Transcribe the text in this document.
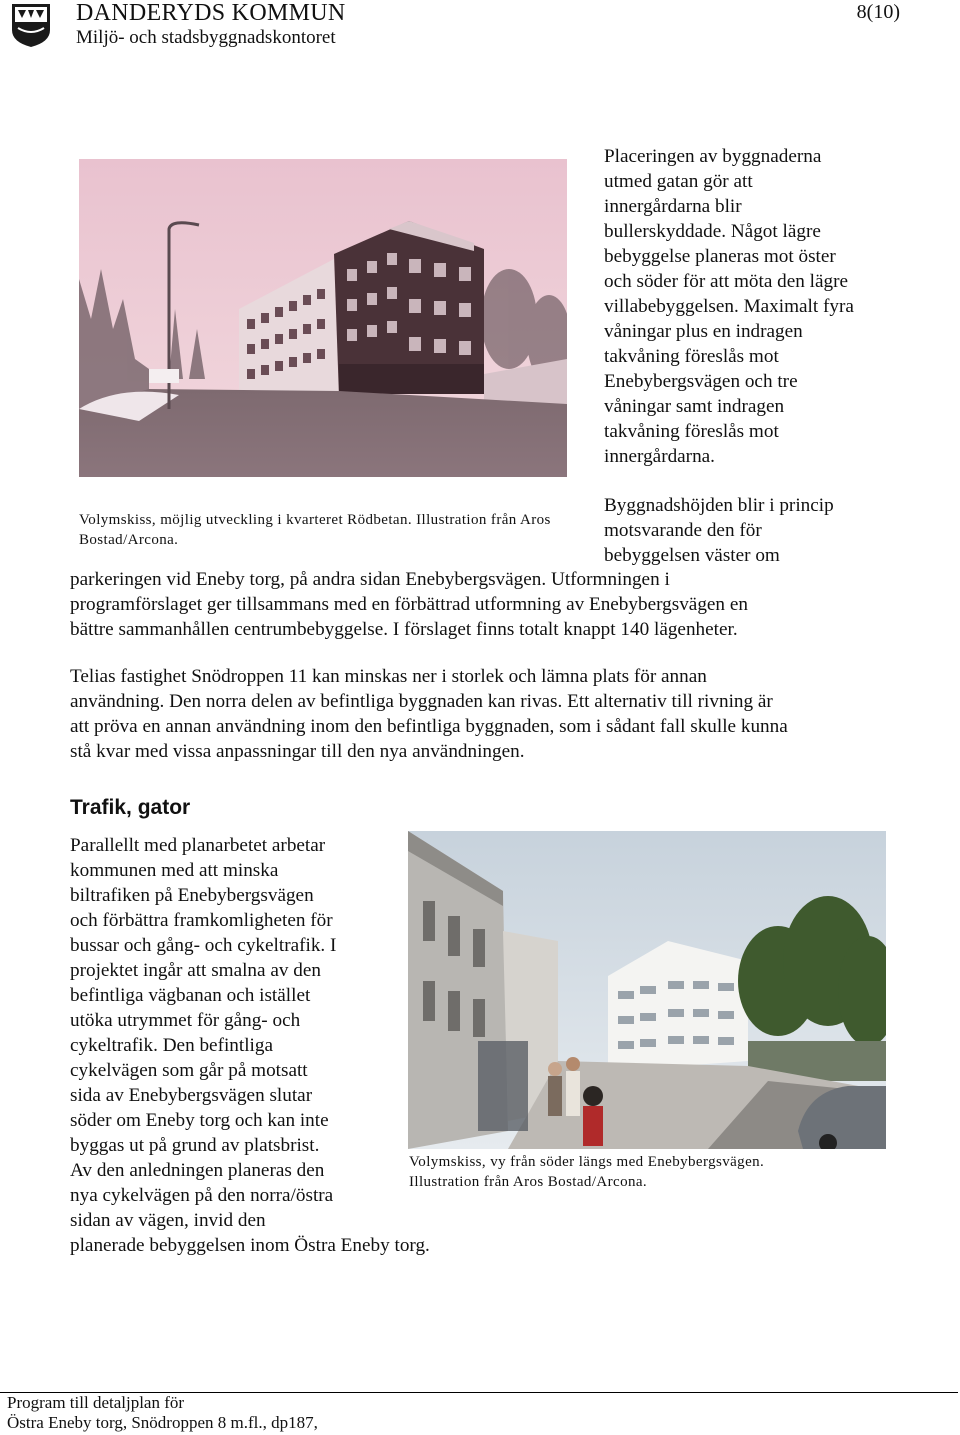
DANDERYDS KOMMUN
Miljö- och stadsbyggnadskontoret
8(10)
Volymskiss, möjlig utveckling i kvarteret Rödbetan. Illustration från Aros Bostad/Arcona.
Placeringen av byggnaderna
utmed gatan gör att
innergårdarna blir
bullerskyddade. Något lägre
bebyggelse planeras mot öster
och söder för att möta den lägre
villabebyggelsen. Maximalt fyra
våningar plus en indragen
takvåning föreslås mot
Enebybergsvägen och tre
våningar samt indragen
takvåning föreslås mot
innergårdarna.
Byggnadshöjden blir i princip
motsvarande den för
bebyggelsen väster om
parkeringen vid Eneby torg, på andra sidan Enebybergsvägen. Utformningen i
programförslaget ger tillsammans med en förbättrad utformning av Enebybergsvägen en
bättre sammanhållen centrumbebyggelse. I förslaget finns totalt knappt 140 lägenheter.
Telias fastighet Snödroppen 11 kan minskas ner i storlek och lämna plats för annan
användning. Den norra delen av befintliga byggnaden kan rivas. Ett alternativ till rivning är
att pröva en annan användning inom den befintliga byggnaden, som i sådant fall skulle kunna
stå kvar med vissa anpassningar till den nya användningen.
Trafik, gator
Parallellt med planarbetet arbetar
kommunen med att minska
biltrafiken på Enebybergsvägen
och förbättra framkomligheten för
bussar och gång- och cykeltrafik. I
projektet ingår att smalna av den
befintliga vägbanan och istället
utöka utrymmet för gång- och
cykeltrafik. Den befintliga
cykelvägen som går på motsatt
sida av Enebybergsvägen slutar
söder om Eneby torg och kan inte
byggas ut på grund av platsbrist.
Av den anledningen planeras den
nya cykelvägen på den norra/östra
sidan av vägen, invid den
planerade bebyggelsen inom Östra Eneby torg.
Volymskiss, vy från söder längs med Enebybergsvägen.
Illustration från Aros Bostad/Arcona.
Program till detaljplan för
Östra Eneby torg, Snödroppen 8 m.fl., dp187,
